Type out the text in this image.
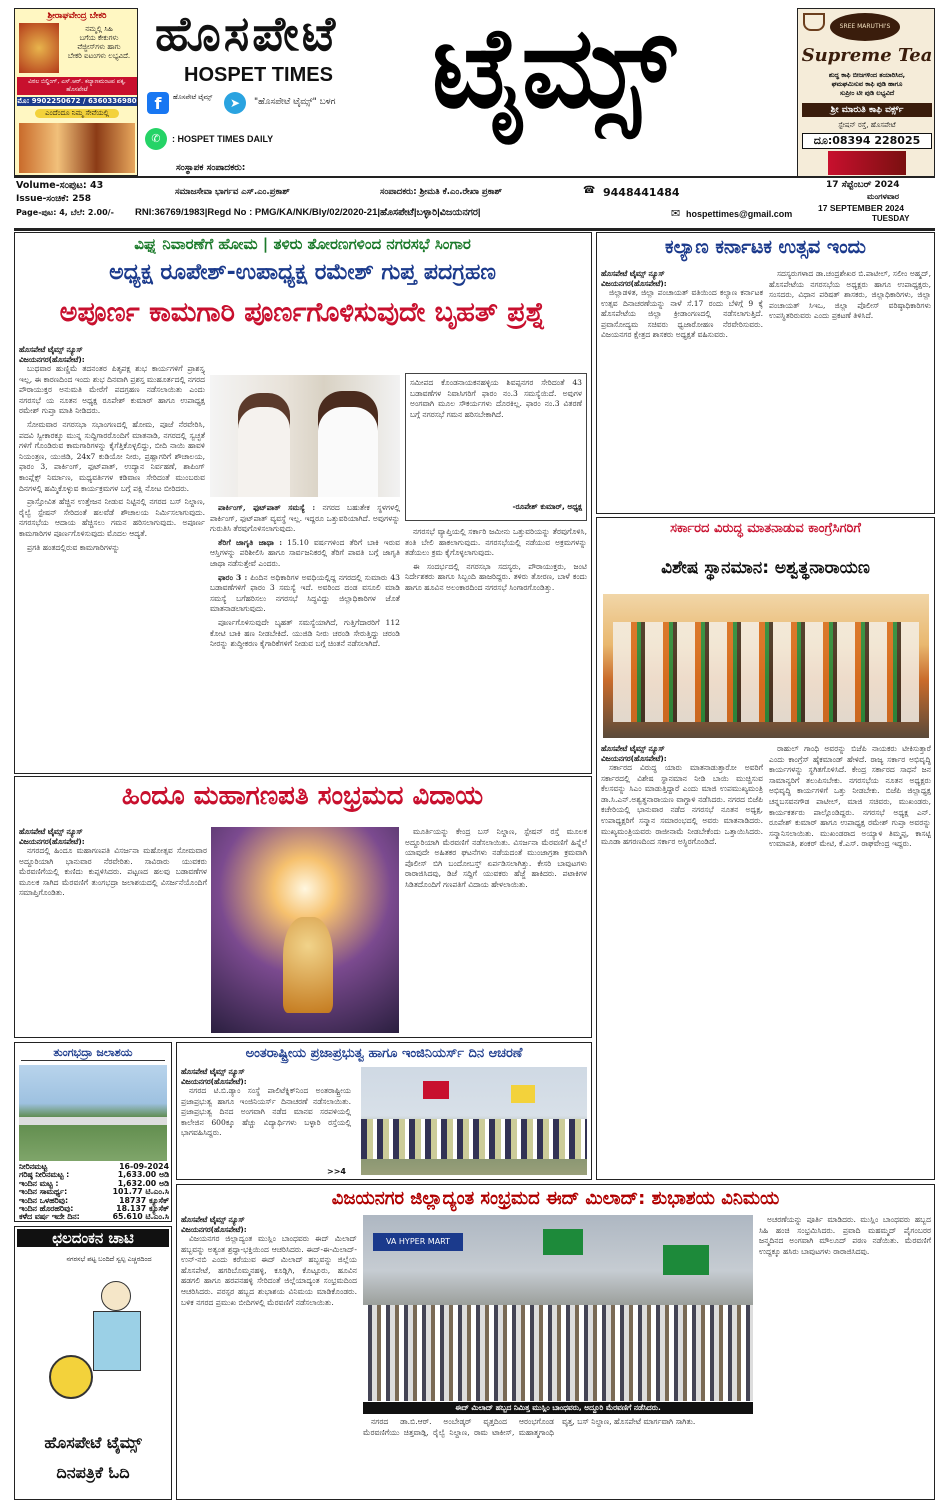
ಶ್ರೀರಾಘವೇಂದ್ರ ಬೇಕರಿ
ನಮ್ಮಲ್ಲಿ ಸಿಹಿ
ಬಗೆಯ ಕೇಕುಗಳು
ವೆಜ್ಜೀಸ್‌ಗಳು ಹಾಗು
ಬೇಕರಿ ಐಟಂಗಳು ಲಭ್ಯವಿದೆ.
ವಿಠಲ ಬಿಲ್ಡಿಂಗ್, ಎಸ್.ಆರ್. ಕಲ್ಯಾಣಮಂಟಪ ಪಕ್ಕ, ಹೊಸಪೇಟೆ
ಮೊ: 9902250672 / 6360336980
ಎಂದೆಂದೂ ನಿಮ್ಮ ಸೇವೆಯಲ್ಲಿ
ಹೊಸಪೇಟೆ
HOSPET TIMES ಟೈಮ್ಸ್
f	ಹೊಸಪೇಟೆ ಟೈಮ್ಸ್	➤	"ಹೊಸಪೇಟೆ ಟೈಮ್ಸ್" ಬಳಗ
✆	: HOSPET TIMES DAILY
ಸಂಸ್ಥಾಪಕ ಸಂಪಾದಕರು:
SREE MARUTHI'S
Supreme Tea
ಶುದ್ಧ ಕಾಫಿ ಬೀಜಗಳಿಂದ ತಯಾರಿಸಿದ,
ಘಮಘಮಿಸುವ ಕಾಫಿ ಪುಡಿ ಹಾಗೂ
ಸುಪ್ರೀಂ ಟೀ ಪುಡಿ ಲಭ್ಯವಿದೆ
ಶ್ರೀ ಮಾರುತಿ ಕಾಫಿ ವರ್ಕ್ಸ್
ಸ್ಟೇಷನ್ ರಸ್ತೆ, ಹೊಸಪೇಟೆ
ದೂ:08394 228025
Volume-ಸಂಪುಟ: 43
Issue-ಸಂಚಿಕೆ: 258
Page-ಪುಟ: 4, ಬೆಲೆ: 2.00/-
ಸಮಾಜಸೇವಾ ಭಾರ್ಗವ ಎಸ್.ಎಂ.ಪ್ರಕಾಶ್	ಸಂಪಾದಕರು: ಶ್ರೀಮತಿ ಕೆ.ಎಂ.ರೇಖಾ ಪ್ರಕಾಶ್	☎ 9448441484
17 ಸೆಪ್ಟೆಂಬರ್ 2024
ಮಂಗಳವಾರ
17 SEPTEMBER 2024
TUESDAY
RNI:36769/1983|Regd No : PMG/KA/NK/Bly/02/2020-21|ಹೊಸಪೇಟೆ|ಬಳ್ಳಾರಿ|ವಿಜಯನಗರ|	✉ hospettimes@gmail.com
ವಿಘ್ನ ನಿವಾರಣೆಗೆ ಹೋಮ | ತಳಿರು ತೋರಣಗಳಿಂದ ನಗರಸಭೆ ಸಿಂಗಾರ
ಅಧ್ಯಕ್ಷ ರೂಪೇಶ್-ಉಪಾಧ್ಯಕ್ಷ ರಮೇಶ್ ಗುಪ್ತ ಪದಗ್ರಹಣ
ಅಪೂರ್ಣ ಕಾಮಗಾರಿ ಪೂರ್ಣಗೊಳಿಸುವುದೇ ಬೃಹತ್ ಪ್ರಶ್ನೆ
ಹೊಸಪೇಟೆ ಟೈಮ್ಸ್ ನ್ಯೂಸ್
ವಿಜಯನಗರ(ಹೊಸಪೇಟೆ):

ಬುಧವಾರ ಹುಣ್ಣಿಮೆ ತದನಂತರ ಪಿತೃಪಕ್ಷ ಶುಭ ಕಾರ್ಯಗಳಿಗೆ ಪ್ರಾಶಸ್ತ್ಯ ಇಲ್ಲ, ಈ ಕಾರಣದಿಂದ ಇಂದು ಶುಭ ದಿನವಾಗಿ ಪ್ರಶಸ್ತ ಮುಹೂರ್ತದಲ್ಲಿ ನಗರದ ಪೌರಾಯುಕ್ತರ ಅನುಮತಿ ಮೇರೆಗೆ ಪದಗ್ರಹಣ ನಡೆಸಲಾಯಿತು ಎಂದು ನಗರಸಭೆ ಯ ನೂತನ ಅಧ್ಯಕ್ಷ ರೂಪೇಶ್ ಕುಮಾರ್ ಹಾಗೂ ಉಪಾಧ್ಯಕ್ಷ ರಮೇಶ್ ಗುಪ್ತಾ ಮಾತಿ ನೀಡಿದರು.

ಸೋಮವಾರ ನಗರಸಭಾ ಸಭಾಂಗಣದಲ್ಲಿ ಹೋಮ, ಪೂಜೆ ನೆರವೇರಿಸಿ, ಪದವಿ ಸ್ವೀಕಾರಕ್ಕೂ ಮುನ್ನ ಸುದ್ದಿಗಾರರೊಂದಿಗೆ ಮಾತನಾಡಿ, ನಗರದಲ್ಲಿ ಸ್ವಚ್ಛತೆ ಗಳಿಗೆ ಗೊಂಡಿರುವ ಕಾಮಗಾರಿಗಳನ್ನು ಕೈಗೆತ್ತಿಕೊಳ್ಳಲಿದ್ದು, ಬೀದಿ ನಾಯಿ ಹಾವಳಿ ನಿಯಂತ್ರಣ, ಯುಜಿಡಿ, 24x7 ಕುಡಿಯೋ ನೀರು, ಪ್ರಹ್ಲಾಗರಿಗೆ ಶೌಚಾಲಯ, ಫಾರಂ 3, ಪಾರ್ಕಿಂಗ್, ಫುಟ್‌ಪಾತ್, ಉದ್ಯಾನ ನಿರ್ವಹಣೆ, ಶಾಪಿಂಗ್ ಕಾಂಪ್ಲೆಕ್ಸ್ ನಿರ್ಮಾಣ, ಮಧ್ಯವರ್ತಿಗಳ ಕಡಿವಾಣ ಸೇರಿದಂತೆ ಮುಂಬರುವ ದಿನಗಳಲ್ಲಿ ಹಮ್ಮಿಕೊಳ್ಳುವ ಕಾರ್ಯಕ್ರಮಗಳ ಬಗ್ಗೆ ಪಕ್ಷಿ ನೋಟ ಬೀರಿದರು.

ಪ್ರಾಸ್ತೋವಿತ ಹೆಚ್ಚಿನ ಉತ್ತೇಜನ ನೀಡುವ ನಿಟ್ಟಿನಲ್ಲಿ ನಗರದ ಬಸ್ ನಿಲ್ದಾಣ, ರೈಲ್ವೆ ಸ್ಟೇಷನ್ ಸೇರಿದಂತೆ ಹಲವೆಡೆ ಶೌಚಾಲಯ ನಿರ್ಮಿಸಲಾಗುವುದು. ನಗರಸಭೆಯ ಆದಾಯ ಹೆಚ್ಚಿಸಲು ಗಮನ ಹರಿಸಲಾಗುವುದು. ಅಪೂರ್ಣ ಕಾಮಗಾರಿಗಳ ಪೂರ್ಣಗೊಳಿಸುವುದು ಮೊದಲ ಆದ್ಯತೆ.

ಪ್ರಗತಿ ಹಂತದಲ್ಲಿರುವ ಕಾಮಗಾರಿಗಳನ್ನು

ಪಾರ್ಕಿಂಗ್, ಫುಟ್‌ಪಾತ್ ಸಮಸ್ಯೆ : ನಗರದ ಬಹುತೇಕ ಸ್ಥಳಗಳಲ್ಲಿ ಪಾರ್ಕಿಂಗ್, ಫುಟ್‌ಪಾತ್ ವ್ಯವಸ್ಥೆ ಇಲ್ಲ. ಇದ್ದರೂ ಒತ್ತುವರಿಯಾಗಿದೆ. ಅವುಗಳನ್ನು ಗುರುತಿಸಿ ತೆರವುಗೊಳಿಸಲಾಗುವುದು.

ತೆರಿಗೆ ಜಾಗೃತಿ ಜಾಥಾ : 15.10 ವರ್ಷಗಳಿಂದ ತೆರಿಗೆ ಬಾಕಿ ಇರುವ ಆಸ್ತಿಗಳನ್ನು ಪರಿಶೀಲಿಸಿ ಹಾಗೂ ಸಾರ್ವಜನಿಕರಲ್ಲಿ ತೆರಿಗೆ ಪಾವತಿ ಬಗ್ಗೆ ಜಾಗೃತಿ ಜಾಥಾ ನಡೆಸುತ್ತೇವೆ ಎಂದರು.

ಫಾರಂ 3 : ಪಿಂದಿನ ಅಧಿಕಾರಿಗಳ ಅವಧಿಯಲ್ಲಿದ್ದ ನಗರದಲ್ಲಿ ಸುಮಾರು 43 ಬಡಾವಣೆಗಳಿಗೆ ಫಾರಂ 3 ಸಮಸ್ಯೆ ಇದೆ. ಅವರಿಂದ ದಂಡ ವಸೂಲಿ ಮಾಡಿ ಸಮಸ್ಯೆ ಬಗೆಹರಿಸಲು ನಗರಸಭೆ ಸಿದ್ಧವಿದ್ದು ಜಿಲ್ಲಾಧಿಕಾರಿಗಳ ಜೊತೆ ಮಾತನಾಡಲಾಗುವುದು.

ಪೂರ್ಣಗೊಳಿಸುವುದೇ ಬೃಹತ್ ಸಮಸ್ಯೆಯಾಗಿದೆ, ಗುತ್ತಿಗೆದಾರರಿಗೆ 112 ಕೋಟಿ ಬಾಕಿ ಹಣ ನೀಡಬೇಕಿದೆ. ಯುಜಿಡಿ ನೀರು ಚರಂಡಿ ಸೇರುತ್ತಿದ್ದು ಚರಂಡಿ ನೀರನ್ನು ಶುದ್ಧೀಕರಣ ಕೈಗಾರಿಕೆಗಳಿಗೆ ನೀಡುವ ಬಗ್ಗೆ ಚಿಂತನೆ ನಡೆಸಲಾಗಿದೆ.

ಸಮೀಪದ ಕೊಂಡನಾಯಕನಹಳ್ಳಿಯ ಶಿವಪ್ಪನಗರ ಸೇರಿದಂತೆ 43 ಬಡಾವಣೆಗಳ ನಿವಾಸಿಗರಿಗೆ ಫಾರಂ ನಂ.3 ಸಮಸ್ಯೆಯಿದೆ. ಅವುಗಳ ಅಂಗವಾಗಿ ಮೂಲ ಸೌಕರ್ಯಗಳು ದೊರಕಿಲ್ಲ. ಫಾರಂ ನಂ.3 ವಿತರಣೆ ಬಗ್ಗೆ ನಗರಸಭೆ ಗಮನ ಹರಿಸಬೇಕಾಗಿದೆ.
-ರೂಪೇಶ್ ಕುಮಾರ್, ಅಧ್ಯಕ್ಷ

ನಗರಸಭೆ ವ್ಯಾಪ್ತಿಯಲ್ಲಿ ಸರ್ಕಾರಿ ಜಮೀನು ಒತ್ತುವರಿಯನ್ನು ತೆರವುಗೊಳಿಸಿ, ತಂತಿ ಬೇಲಿ ಹಾಕಲಾಗುವುದು. ನಗರಸಭೆಯಲ್ಲಿ ನಡೆಯುವ ಅಕ್ರಮಗಳನ್ನು ತಡೆಯಲು ಕ್ರಮ ಕೈಗೊಳ್ಳಲಾಗುವುದು.

ಈ ಸಂದರ್ಭದಲ್ಲಿ ನಗರಸಭಾ ಸದಸ್ಯರು, ಪೌರಾಯುಕ್ತರು, ಜಂಟಿ ನಿರ್ದೇಶಕರು ಹಾಗೂ ಸಿಬ್ಬಂದಿ ಹಾಜರಿದ್ದರು. ತಳಿರು ತೋರಣ, ಬಾಳೆ ಕಂದು ಹಾಗೂ ಹೂವಿನ ಅಲಂಕಾರದಿಂದ ನಗರಸಭೆ ಸಿಂಗಾರಗೊಂಡಿತ್ತು.

ಹಿಂದೂ ಮಹಾಗಣಪತಿ ಸಂಭ್ರಮದ ವಿದಾಯ
ಹೊಸಪೇಟೆ ಟೈಮ್ಸ್ ನ್ಯೂಸ್
ವಿಜಯನಗರ(ಹೊಸಪೇಟೆ):

ನಗರದಲ್ಲಿ ಹಿಂದೂ ಮಹಾಗಣಪತಿ ವಿಸರ್ಜನಾ ಮಹೋತ್ಸವ ಸೋಮವಾರ ಅದ್ದೂರಿಯಾಗಿ ಭಾನುವಾರ ನೆರವೇರಿತು. ಸಾವಿರಾರು ಯುವಕರು ಮೆರವಣಿಗೆಯಲ್ಲಿ ಕುಣಿದು ಕುಪ್ಪಳಿಸಿದರು. ಪಟ್ಟಣದ ಹಲವು ಬಡಾವಣೆಗಳ ಮೂಲಕ ಸಾಗಿದ ಮೆರವಣಿಗೆ ತುಂಗಭದ್ರಾ ಜಲಾಶಯದಲ್ಲಿ ವಿಸರ್ಜನೆಯೊಂದಿಗೆ ಸಮಾಪ್ತಿಗೊಂಡಿತು.

ಮೂರ್ತಿಯನ್ನು ಕೇಂದ್ರ ಬಸ್ ನಿಲ್ದಾಣ, ಸ್ಟೇಷನ್ ರಸ್ತೆ ಮೂಲಕ ಅದ್ದೂರಿಯಾಗಿ ಮೆರವಣಿಗೆ ನಡೆಸಲಾಯಿತು. ವಿಸರ್ಜನಾ ಮೆರವಣಿಗೆ ಹಿನ್ನೆಲೆ ಯಾವುದೇ ಅಹಿತಕರ ಘಟನೆಗಳು ನಡೆಯದಂತೆ ಮುಂಜಾಗ್ರತಾ ಕ್ರಮವಾಗಿ ಪೊಲೀಸ್ ಬಿಗಿ ಬಂದೋಬಸ್ತ್ ಏರ್ಪಡಿಸಲಾಗಿತ್ತು. ಕೇಸರಿ ಬಾವುಟಗಳು ರಾರಾಜಿಸಿದವು, ಡಿಜೆ ಸದ್ದಿಗೆ ಯುವಕರು ಹೆಜ್ಜೆ ಹಾಕಿದರು. ಪಟಾಕಿಗಳ ಸಿಡಿತದೊಂದಿಗೆ ಗಣಪತಿಗೆ ವಿದಾಯ ಹೇಳಲಾಯಿತು.

ತುಂಗಭದ್ರಾ ಜಲಾಶಯ
ನೀರಿನಮಟ್ಟ	16-09-2024
ಗರಿಷ್ಠ ನೀರಿನಮಟ್ಟ :	1,633.00 ಅಡಿ
ಇಂದಿನ ಮಟ್ಟ :	1,632.00 ಅಡಿ
ಇಂದಿನ ಸಾಮರ್ಥ್ಯ:	101.77 ಟಿ.ಎಂ.ಸಿ
ಇಂದಿನ ಒಳಹರಿವು:	18737 ಕ್ಯೂಸೆಕ್
ಇಂದಿನ ಹೊರಹರಿವು:	18.137 ಕ್ಯೂಸೆಕ್
ಕಳೆದ ವರ್ಷ ಇದೇ ದಿನ:	65.610 ಟಿ.ಎಂ.ಸಿ
ಛಲದಂಕನ ಚಾಟಿ
ನಗರಸಭೆ ಪಟ್ಟ ಬಂದಿದೆ ಸ್ವಲ್ಪ ಎಚ್ಚರದಿಂದ
ಹೊಸಪೇಟೆ ಟೈಮ್ಸ್
ದಿನಪತ್ರಿಕೆ ಓದಿ
ಅಂತರಾಷ್ಟ್ರೀಯ ಪ್ರಜಾಪ್ರಭುತ್ವ ಹಾಗೂ ಇಂಜಿನಿಯರ್ಸ್ ದಿನ ಆಚರಣೆ
ಹೊಸಪೇಟೆ ಟೈಮ್ಸ್ ನ್ಯೂಸ್
ವಿಜಯನಗರ(ಹೊಸಪೇಟೆ):

ನಗರದ ಟಿ.ಬಿ.ಡ್ಯಾಂ ಸಂಸ್ಥೆ ಪಾಲಿಟೆಕ್ನಿಕ್‌ನಿಂದ ಅಂತರಾಷ್ಟ್ರೀಯ ಪ್ರಜಾಪ್ರಭುತ್ವ ಹಾಗೂ ಇಂಜಿನಿಯರ್ಸ್ ದಿನಾಚರಣೆ ನಡೆಸಲಾಯಿತು. ಪ್ರಜಾಪ್ರಭುತ್ವ ದಿನದ ಅಂಗವಾಗಿ ನಡೆದ ಮಾನವ ಸರಪಳಿಯಲ್ಲಿ ಕಾಲೇಜಿನ 600ಕ್ಕೂ ಹೆಚ್ಚು ವಿದ್ಯಾರ್ಥಿಗಳು ಬಳ್ಳಾರಿ ರಸ್ತೆಯಲ್ಲಿ ಭಾಗವಹಿಸಿದ್ದರು.

>>4
ವಿಜಯನಗರ ಜಿಲ್ಲಾದ್ಯಂತ ಸಂಭ್ರಮದ ಈದ್ ಮಿಲಾದ್: ಶುಭಾಶಯ ವಿನಿಮಯ
ಹೊಸಪೇಟೆ ಟೈಮ್ಸ್ ನ್ಯೂಸ್
ವಿಜಯನಗರ(ಹೊಸಪೇಟೆ):

ವಿಜಯನಗರ ಜಿಲ್ಲಾದ್ಯಂತ ಮುಸ್ಲಿಂ ಬಾಂಧವರು ಈದ್ ಮಿಲಾದ್ ಹಬ್ಬವನ್ನು ಅತ್ಯಂತ ಶ್ರದ್ಧಾ-ಭಕ್ತಿಯಿಂದ ಆಚರಿಸಿದರು. ಈದ್-ಈ-ಮಿಲಾದ್-ಉನ್-ನಬಿ ಎಂದು ಕರೆಯುವ ಈದ್ ಮಿಲಾದ್ ಹಬ್ಬವನ್ನು ಜಿಲ್ಲೆಯ ಹೊಸಪೇಟೆ, ಹಗರಿಬೊಮ್ಮನಹಳ್ಳಿ, ಕೂಡ್ಲಿಗಿ, ಕೊಟ್ಟೂರು, ಹೂವಿನ ಹಡಗಲಿ ಹಾಗೂ ಹರಪನಹಳ್ಳಿ ಸೇರಿದಂತೆ ಜಿಲ್ಲೆಯಾದ್ಯಂತ ಸಂಭ್ರಮದಿಂದ ಆಚರಿಸಿದರು. ಪರಸ್ಪರ ಹಬ್ಬದ ಶುಭಾಶಯ ವಿನಿಮಯ ಮಾಡಿಕೊಂಡರು. ಬಳಿಕ ನಗರದ ಪ್ರಮುಖ ಬೀದಿಗಳಲ್ಲಿ ಮೆರವಣಿಗೆ ನಡೆಸಲಾಯಿತು.

VA HYPER MART
ಈದ್ ಮಿಲಾದ್ ಹಬ್ಬದ ನಿಮಿತ್ತ ಮುಸ್ಲಿಂ ಬಾಂಧವರು, ಅದ್ದೂರಿ ಮೆರವಣಿಗೆ ನಡೆಸಿದರು.

ನಗರದ ಡಾ.ಬಿ.ಆರ್. ಅಂಬೇಡ್ಕರ್ ವೃತ್ತದಿಂದ ಆರಂಭಗೊಂಡ ಮೆರವಣಿಗೆಯು ಚಿತ್ತವಾಡ್ಗಿ, ರೈಲ್ವೆ ನಿಲ್ದಾಣ, ರಾಮ ಟಾಕೀಸ್, ಮಹಾತ್ಮಗಾಂಧಿ ವೃತ್ತ, ಬಸ್ ನಿಲ್ದಾಣ, ಹೊಸಪೇಟೆ ಮಾರ್ಗವಾಗಿ ಸಾಗಿತು.

ಅಚರಣೆಯನ್ನು ಪೂರ್ತಿ ಮಾಡಿದರು. ಮುಸ್ಲಿಂ ಬಾಂಧವರು ಹಬ್ಬದ ಸಿಹಿ ಹಂಚಿ ಸಂಭ್ರಮಿಸಿದರು. ಪ್ರವಾದಿ ಮಹಮ್ಮದ್ ಪೈಗಂಬರರ ಜನ್ಮದಿನದ ಅಂಗವಾಗಿ ಮೌಲೂದ್ ಪಠಣ ನಡೆಯಿತು. ಮೆರವಣಿಗೆ ಉದ್ದಕ್ಕೂ ಹಸಿರು ಬಾವುಟಗಳು ರಾರಾಜಿಸಿದವು.

ಕಲ್ಯಾಣ ಕರ್ನಾಟಕ ಉತ್ಸವ ಇಂದು
ಹೊಸಪೇಟೆ ಟೈಮ್ಸ್ ನ್ಯೂಸ್
ವಿಜಯನಗರ(ಹೊಸಪೇಟೆ):

ಜಿಲ್ಲಾಡಳಿತ, ಜಿಲ್ಲಾ ಪಂಚಾಯತ್ ವತಿಯಿಂದ ಕಲ್ಯಾಣ ಕರ್ನಾಟಕ ಉತ್ಸವ ದಿನಾಚರಣೆಯನ್ನು ನಾಳೆ ಸೆ.17 ರಂದು ಬೆಳಿಗ್ಗೆ 9 ಕ್ಕೆ ಹೊಸಪೇಟೆಯ ಜಿಲ್ಲಾ ಕ್ರೀಡಾಂಗಣದಲ್ಲಿ ನಡೆಸಲಾಗುತ್ತಿದೆ. ಪ್ರವಾಸೋದ್ಯಮ ಸಚಿವರು ಧ್ವಜಾರೋಹಣ ನೆರವೇರಿಸುವರು. ವಿಜಯನಗರ ಕ್ಷೇತ್ರದ ಶಾಸಕರು ಅಧ್ಯಕ್ಷತೆ ವಹಿಸುವರು.

ಸದಸ್ಯರುಗಳಾದ ಡಾ.ಚಂದ್ರಶೇಖರ ಬಿ.ಪಾಟೀಲ್, ಸಲೀಂ ಅಹ್ಮದ್, ಹೊಸಪೇಟೆಯ ನಗರಸಭೆಯ ಅಧ್ಯಕ್ಷರು ಹಾಗೂ ಉಪಾಧ್ಯಕ್ಷರು, ಸಂಸದರು, ವಿಧಾನ ಪರಿಷತ್ ಶಾಸಕರು, ಜಿಲ್ಲಾಧಿಕಾರಿಗಳು, ಜಿಲ್ಲಾ ಪಂಚಾಯತ್ ಸಿಇಒ, ಜಿಲ್ಲಾ ಪೊಲೀಸ್ ವರಿಷ್ಠಾಧಿಕಾರಿಗಳು ಉಪಸ್ಥಿತರಿರುವರು ಎಂದು ಪ್ರಕಟಣೆ ತಿಳಿಸಿದೆ.

ಸರ್ಕಾರದ ವಿರುದ್ಧ ಮಾತನಾಡುವ ಕಾಂಗ್ರೆಸಿಗರಿಗೆ
ವಿಶೇಷ ಸ್ಥಾನಮಾನ: ಅಶ್ವತ್ಥನಾರಾಯಣ
ಹೊಸಪೇಟೆ ಟೈಮ್ಸ್ ನ್ಯೂಸ್
ವಿಜಯನಗರ(ಹೊಸಪೇಟೆ):

ಸರ್ಕಾರದ ವಿರುದ್ಧ ಯಾರು ಮಾತನಾಡುತ್ತಾರೋ ಅವರಿಗೆ ಸರ್ಕಾರದಲ್ಲಿ ವಿಶೇಷ ಸ್ಥಾನಮಾನ ನೀಡಿ ಬಾಯಿ ಮುಚ್ಚಿಸುವ ಕೆಲಸವನ್ನು ಸಿಎಂ ಮಾಡುತ್ತಿದ್ದಾರೆ ಎಂದು ಮಾಜಿ ಉಪಮುಖ್ಯಮಂತ್ರಿ ಡಾ.ಸಿ.ಎನ್.ಅಶ್ವತ್ಥನಾರಾಯಣ ವಾಗ್ದಾಳಿ ನಡೆಸಿದರು. ನಗರದ ಬಿಜೆಪಿ ಕಚೇರಿಯಲ್ಲಿ ಭಾನುವಾರ ನಡೆದ ನಗರಸಭೆ ನೂತನ ಅಧ್ಯಕ್ಷ, ಉಪಾಧ್ಯಕ್ಷರಿಗೆ ಸನ್ಮಾನ ಸಮಾರಂಭದಲ್ಲಿ ಅವರು ಮಾತನಾಡಿದರು. ಮುಖ್ಯಮಂತ್ರಿಯವರು ರಾಜೀನಾಮೆ ನೀಡಬೇಕೆಂದು ಒತ್ತಾಯಿಸಿದರು. ಮೂಡಾ ಹಗರಣದಿಂದ ಸರ್ಕಾರ ಅಸ್ಥಿರಗೊಂಡಿದೆ.

ರಾಹುಲ್ ಗಾಂಧಿ ಅವರನ್ನು ಬಿಜೆಪಿ ನಾಯಕರು ಟೀಕಿಸುತ್ತಾರೆ ಎಂದು ಕಾಂಗ್ರೆಸ್ ಹೈಕಮಾಂಡ್ ಹೇಳಿದೆ. ರಾಜ್ಯ ಸರ್ಕಾರ ಅಭಿವೃದ್ಧಿ ಕಾರ್ಯಗಳನ್ನು ಸ್ಥಗಿತಗೊಳಿಸಿದೆ. ಕೇಂದ್ರ ಸರ್ಕಾರದ ಸಾಧನೆ ಜನ ಸಾಮಾನ್ಯರಿಗೆ ತಲುಪಿಸಬೇಕು. ನಗರಸಭೆಯ ನೂತನ ಅಧ್ಯಕ್ಷರು ಅಭಿವೃದ್ಧಿ ಕಾರ್ಯಗಳಿಗೆ ಒತ್ತು ನೀಡಬೇಕು. ಬಿಜೆಪಿ ಜಿಲ್ಲಾಧ್ಯಕ್ಷ ಚನ್ನಬಸವನಗೌಡ ಪಾಟೀಲ್, ಮಾಜಿ ಸಚಿವರು, ಮುಖಂಡರು, ಕಾರ್ಯಕರ್ತರು ಪಾಲ್ಗೊಂಡಿದ್ದರು. ನಗರಸಭೆ ಅಧ್ಯಕ್ಷ ಎನ್. ರೂಪೇಶ್ ಕುಮಾರ್ ಹಾಗೂ ಉಪಾಧ್ಯಕ್ಷ ರಮೇಶ್ ಗುಪ್ತಾ ಅವರನ್ನು ಸನ್ಮಾನಿಸಲಾಯಿತು. ಮುಖಂಡರಾದ ಅಯ್ಯಾಳಿ ತಿಮ್ಮಪ್ಪ, ಕಾಸಟ್ಟಿ ಉಮಾಪತಿ, ಶಂಕರ್ ಮೇಟಿ, ಕೆ.ಎಸ್. ರಾಘವೇಂದ್ರ ಇದ್ದರು.
